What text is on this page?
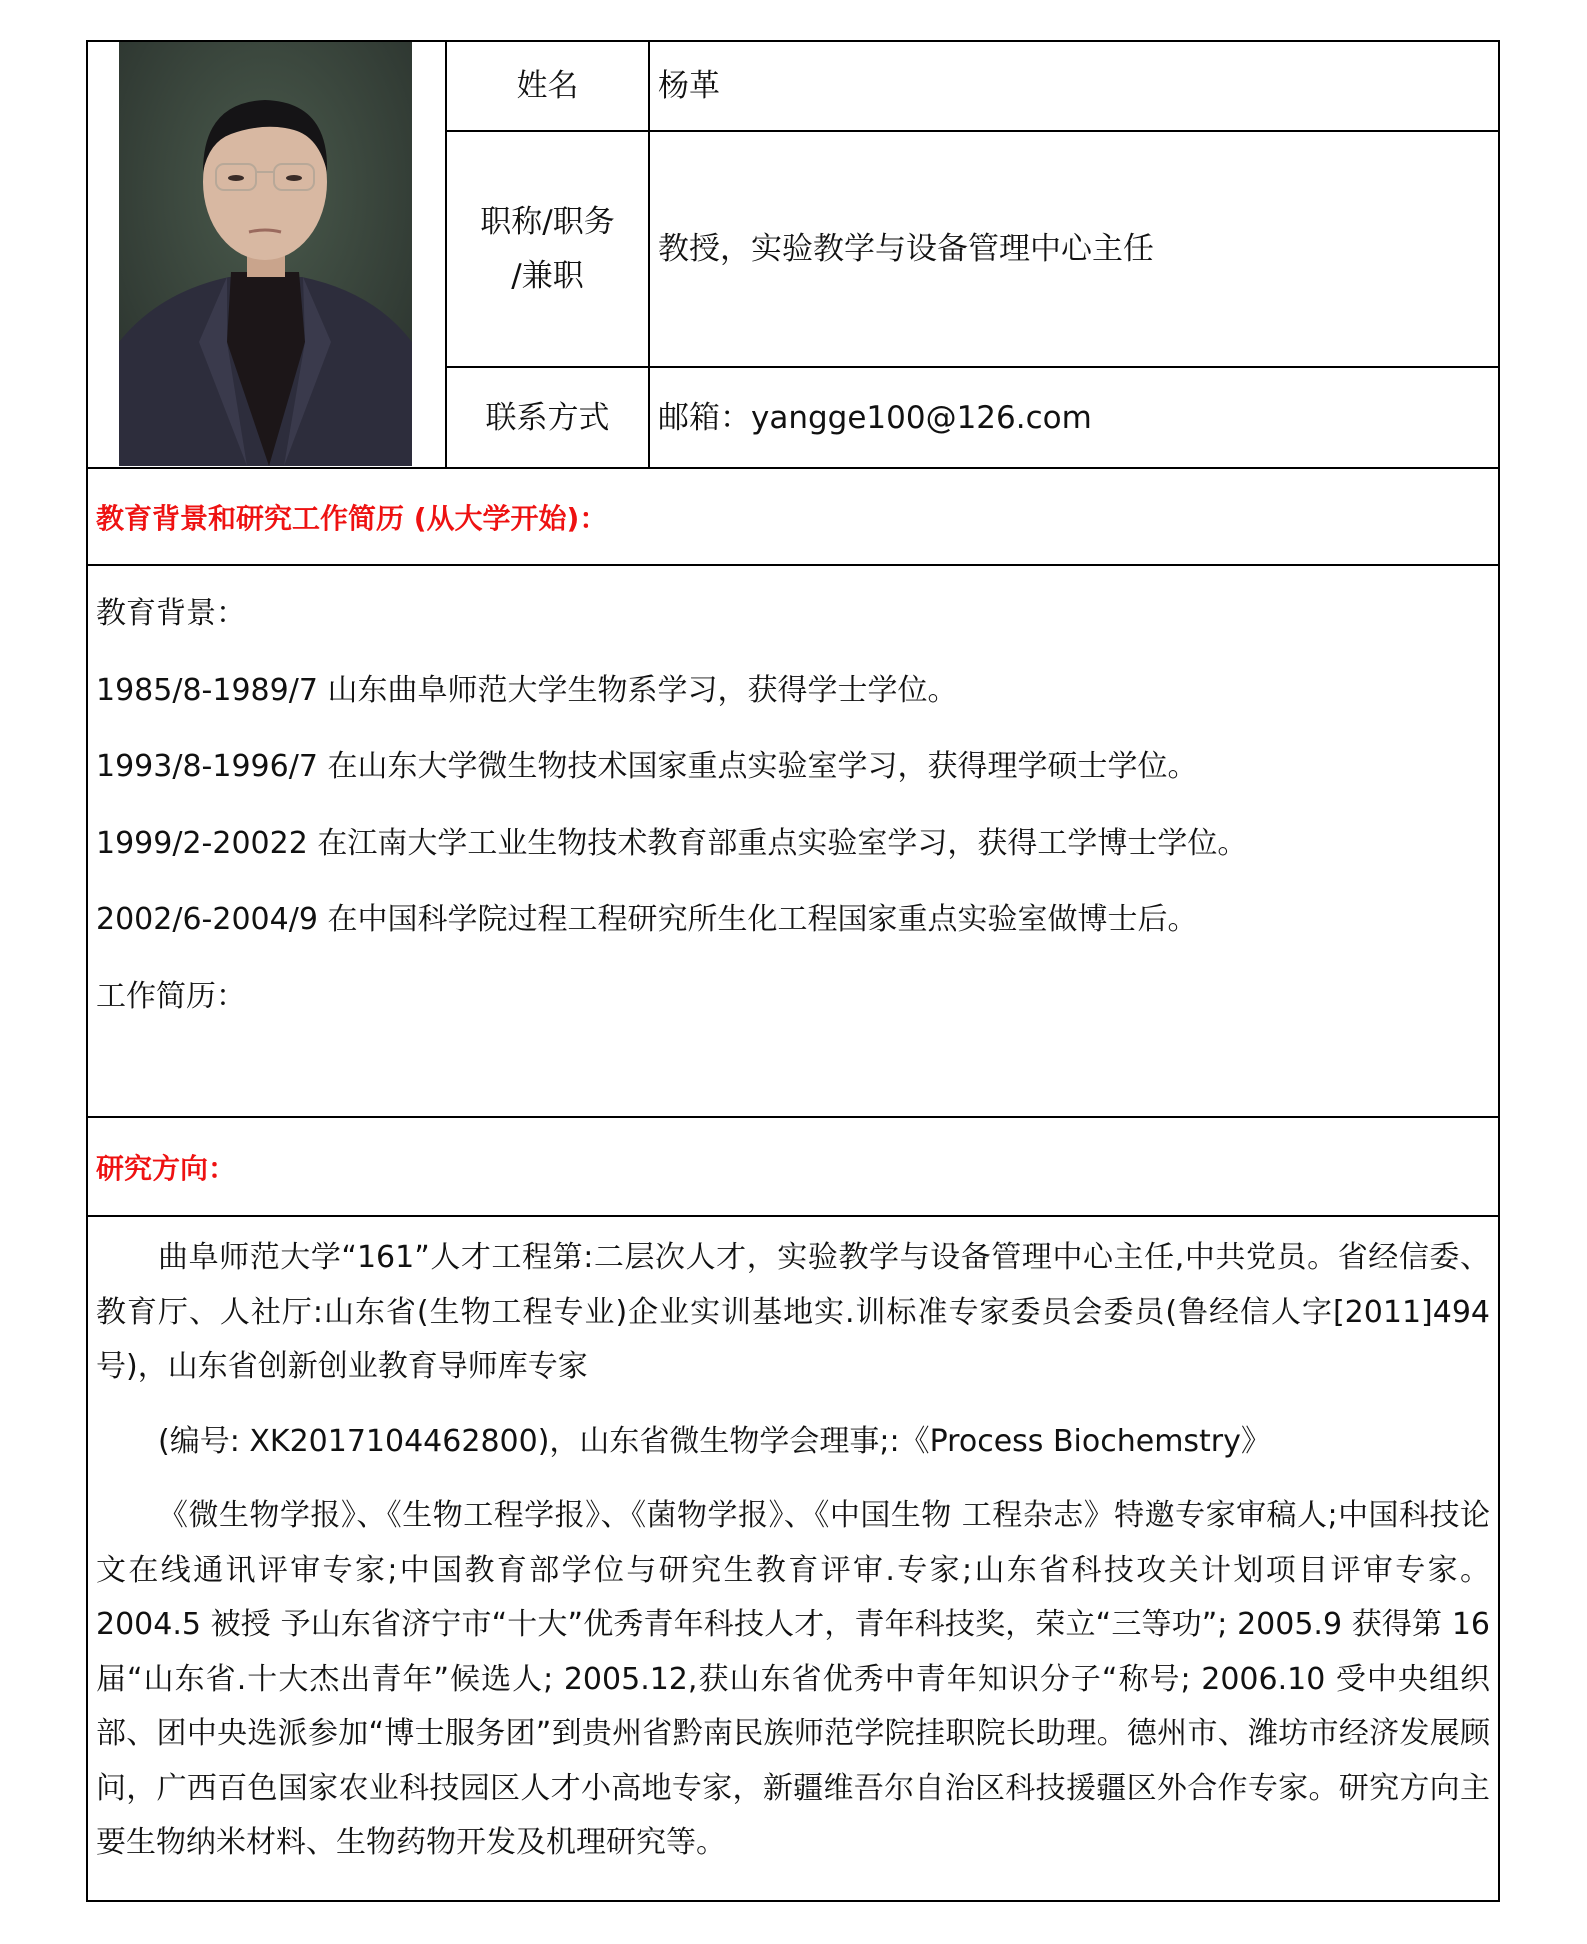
姓名	杨革
职称/职务
/兼职
教授，实验教学与设备管理中心主任
联系方式 邮箱：yangge100@126.com
教育背景和研究工作简历 (从大学开始)：

教育背景：

1985/8-1989/7 山东曲阜师范大学生物系学习，获得学士学位。

1993/8-1996/7 在山东大学微生物技术国家重点实验室学习，获得理学硕士学位。

1999/2-20022 在江南大学工业生物技术教育部重点实验室学习，获得工学博士学位。

2002/6-2004/9 在中国科学院过程工程研究所生化工程国家重点实验室做博士后。

工作简历：

研究方向：

曲阜师范大学“161”人才工程第:二层次人才，实验教学与设备管理中心主任,中共党员。省经信委、教育厅、人社厅:山东省(生物工程专业)企业实训基地实.训标准专家委员会委员(鲁经信人字[2011]494 号)，山东省创新创业教育导师库专家

(编号: XK2017104462800)，山东省微生物学会理事;:《Process Biochemstry》

《微生物学报》、《生物工程学报》、《菌物学报》、《中国生物 工程杂志》特邀专家审稿人;中国科技论文在线通讯评审专家;中国教育部学位与研究生教育评审.专家;山东省科技攻关计划项目评审专家。2004.5 被授 予山东省济宁市“十大”优秀青年科技人才，青年科技奖，荣立“三等功”; 2005.9 获得第 16 届“山东省.十大杰出青年”候选人; 2005.12,获山东省优秀中青年知识分子“称号; 2006.10 受中央组织部、团中央选派参加“博士服务团”到贵州省黔南民族师范学院挂职院长助理。德州市、潍坊市经济发展顾问，广西百色国家农业科技园区人才小高地专家，新疆维吾尔自治区科技援疆区外合作专家。研究方向主要生物纳米材料、生物药物开发及机理研究等。
